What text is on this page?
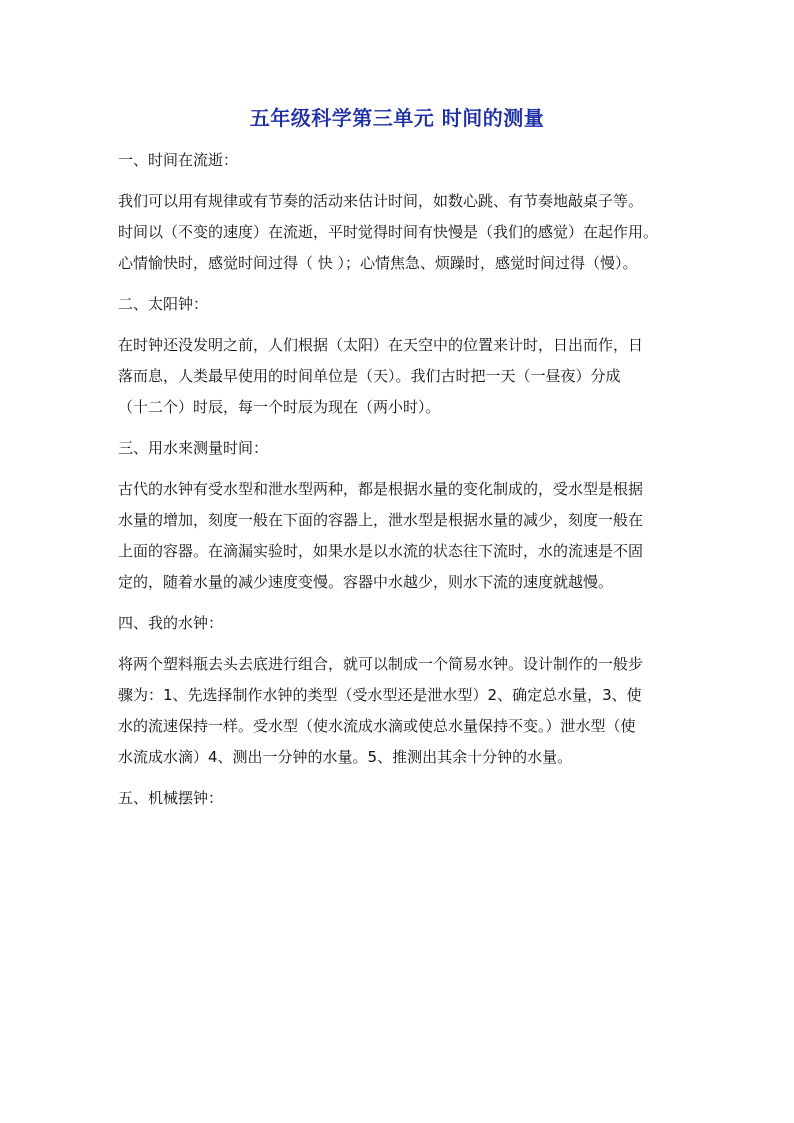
五年级科学第三单元 时间的测量
一、时间在流逝：
我们可以用有规律或有节奏的活动来估计时间，如数心跳、有节奏地敲桌子等。
时间以（不变的速度）在流逝，平时觉得时间有快慢是（我们的感觉）在起作用。
心情愉快时，感觉时间过得（ 快 ）；心情焦急、烦躁时，感觉时间过得（慢）。
二、太阳钟：
在时钟还没发明之前，人们根据（太阳）在天空中的位置来计时，日出而作，日
落而息，人类最早使用的时间单位是（天）。我们古时把一天（一昼夜）分成
（十二个）时辰，每一个时辰为现在（两小时）。
三、用水来测量时间：
古代的水钟有受水型和泄水型两种，都是根据水量的变化制成的，受水型是根据
水量的增加，刻度一般在下面的容器上，泄水型是根据水量的减少，刻度一般在
上面的容器。在滴漏实验时，如果水是以水流的状态往下流时，水的流速是不固
定的，随着水量的减少速度变慢。容器中水越少，则水下流的速度就越慢。
四、我的水钟：
将两个塑料瓶去头去底进行组合，就可以制成一个简易水钟。设计制作的一般步
骤为：1、先选择制作水钟的类型（受水型还是泄水型）2、确定总水量，3、使
水的流速保持一样。受水型（使水流成水滴或使总水量保持不变。）泄水型（使
水流成水滴）4、测出一分钟的水量。5、推测出其余十分钟的水量。
五、机械摆钟：
